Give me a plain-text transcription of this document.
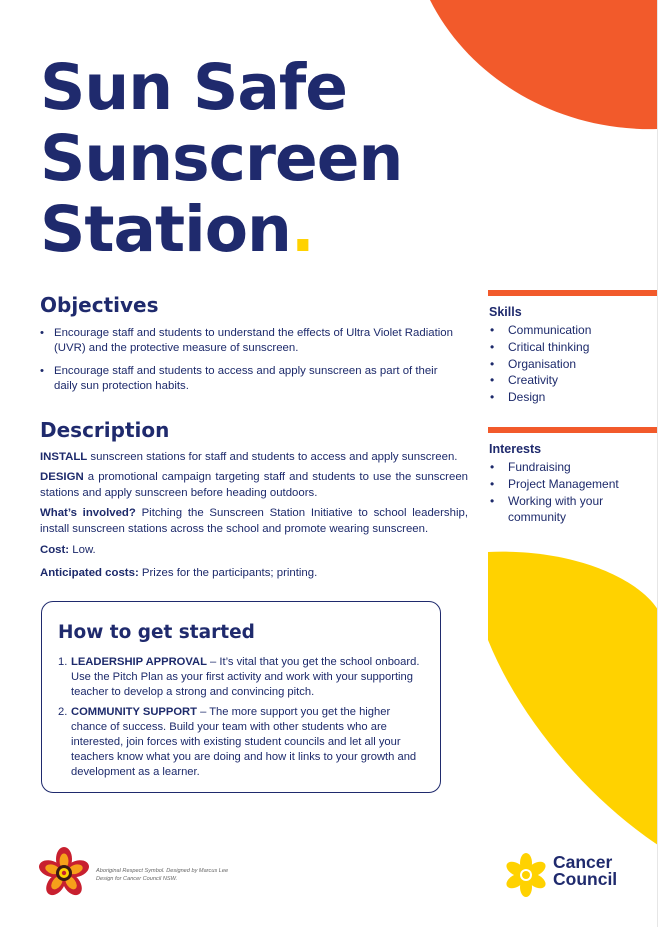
Sun Safe
Sunscreen
Station.
Objectives
• Encourage staff and students to understand the effects of Ultra Violet Radiation (UVR) and the protective measure of sunscreen.
• Encourage staff and students to access and apply sunscreen as part of their daily sun protection habits.
Description

INSTALL sunscreen stations for staff and students to access and apply sunscreen.

DESIGN a promotional campaign targeting staff and students to use the sunscreen stations and apply sunscreen before heading outdoors.

What’s involved? Pitching the Sunscreen Station Initiative to school leadership, install sunscreen stations across the school and promote wearing sunscreen.

Cost: Low.

Anticipated costs: Prizes for the participants; printing.

How to get started
1. LEADERSHIP APPROVAL – It’s vital that you get the school onboard. Use the Pitch Plan as your first activity and work with your supporting teacher to develop a strong and convincing pitch.
2. COMMUNITY SUPPORT – The more support you get the higher chance of success. Build your team with other students who are interested, join forces with existing student councils and let all your teachers know what you are doing and how it links to your growth and development as a learner.
Skills
• Communication
• Critical thinking
• Organisation
• Creativity
• Design
Interests
• Fundraising
• Project Management
• Working with your community
Aboriginal Respect Symbol. Designed by Marcus Lee Design for Cancer Council NSW.
Cancer
Council
